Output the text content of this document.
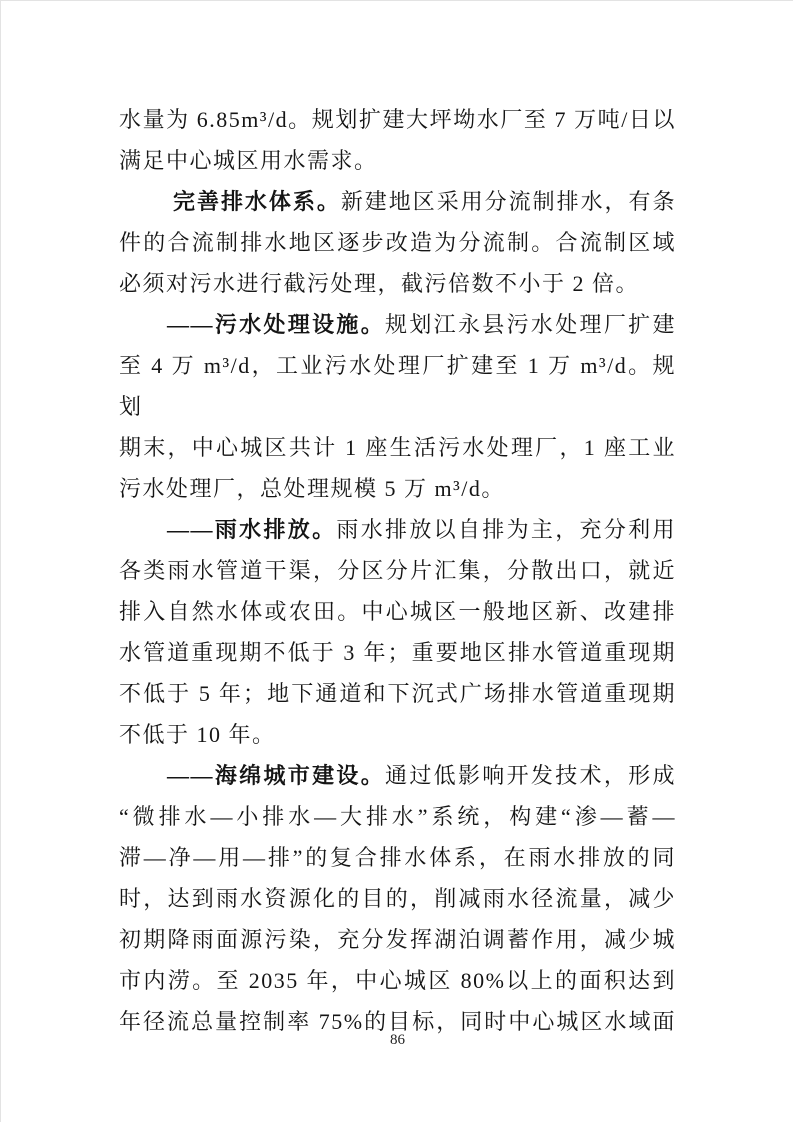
水量为 6.85m³/d。规划扩建大坪坳水厂至 7 万吨/日以
满足中心城区用水需求。
完善排水体系。新建地区采用分流制排水，有条
件的合流制排水地区逐步改造为分流制。合流制区域
必须对污水进行截污处理，截污倍数不小于 2 倍。
——污水处理设施。规划江永县污水处理厂扩建
至 4 万 m³/d，工业污水处理厂扩建至 1 万 m³/d。规划
期末，中心城区共计 1 座生活污水处理厂，1 座工业
污水处理厂，总处理规模 5 万 m³/d。
——雨水排放。雨水排放以自排为主，充分利用
各类雨水管道干渠，分区分片汇集，分散出口，就近
排入自然水体或农田。中心城区一般地区新、改建排
水管道重现期不低于 3 年；重要地区排水管道重现期
不低于 5 年；地下通道和下沉式广场排水管道重现期
不低于 10 年。
——海绵城市建设。通过低影响开发技术，形成
“微排水—小排水—大排水”系统，构建“渗—蓄—
滞—净—用—排”的复合排水体系，在雨水排放的同
时，达到雨水资源化的目的，削减雨水径流量，减少
初期降雨面源污染，充分发挥湖泊调蓄作用，减少城
市内涝。至 2035 年，中心城区 80%以上的面积达到
年径流总量控制率 75%的目标，同时中心城区水域面
86
